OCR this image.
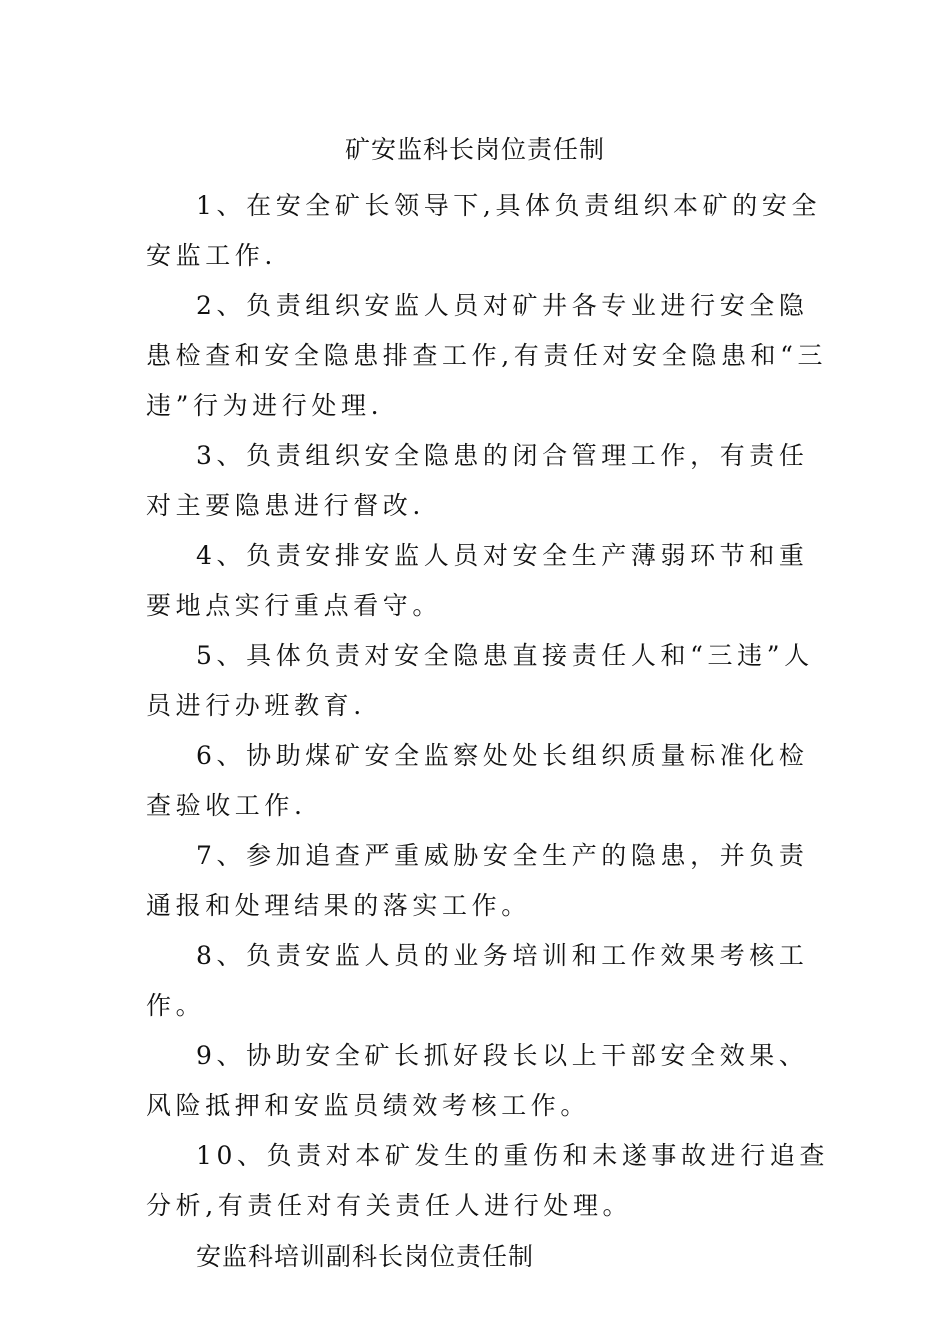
矿安监科长岗位责任制

1、在安全矿长领导下,具体负责组织本矿的安全安监工作.

2、负责组织安监人员对矿井各专业进行安全隐患检查和安全隐患排查工作,有责任对安全隐患和“三违”行为进行处理.

3、负责组织安全隐患的闭合管理工作，有责任对主要隐患进行督改.

4、负责安排安监人员对安全生产薄弱环节和重要地点实行重点看守。

5、具体负责对安全隐患直接责任人和“三违”人员进行办班教育.

6、协助煤矿安全监察处处长组织质量标准化检查验收工作.

7、参加追查严重威胁安全生产的隐患，并负责通报和处理结果的落实工作。

8、负责安监人员的业务培训和工作效果考核工作。

9、协助安全矿长抓好段长以上干部安全效果、风险抵押和安监员绩效考核工作。

10、负责对本矿发生的重伤和未遂事故进行追查分析,有责任对有关责任人进行处理。

安监科培训副科长岗位责任制
